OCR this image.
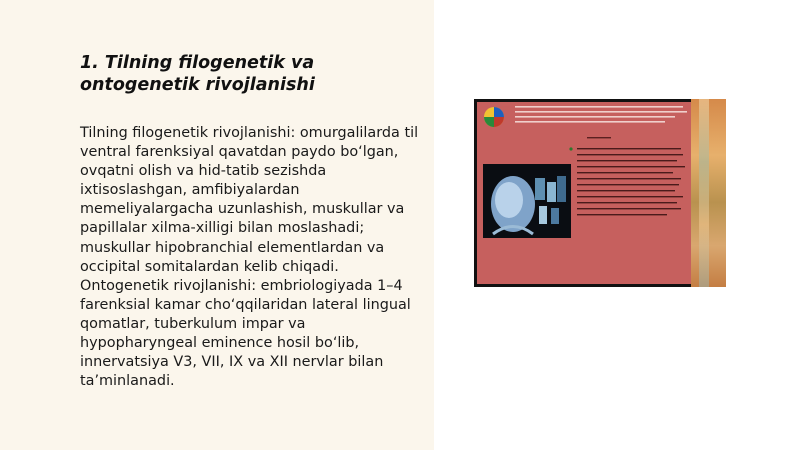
1. Tilning filogenetik va ontogenetik rivojlanishi

Tilning filogenetik rivojlanishi: omurgalilarda til ventral farenksiyal qavatdan paydo bo‘lgan, ovqatni olish va hid-tatib sezishda ixtisoslashgan, amfibiyalardan memeliyalargacha uzunlashish, muskullar va papillalar xilma-xilligi bilan moslashadi; muskullar hipobranchial elementlardan va occipital somitalardan kelib chiqadi. Ontogenetik rivojlanishi: embriologiyada 1–4 farenksial kamar cho‘qqilaridan lateral lingual qomatlar, tuberkulum impar va hypopharyngeal eminence hosil bo‘lib, innervatsiya V3, VII, IX va XII nervlar bilan ta’minlanadi.
